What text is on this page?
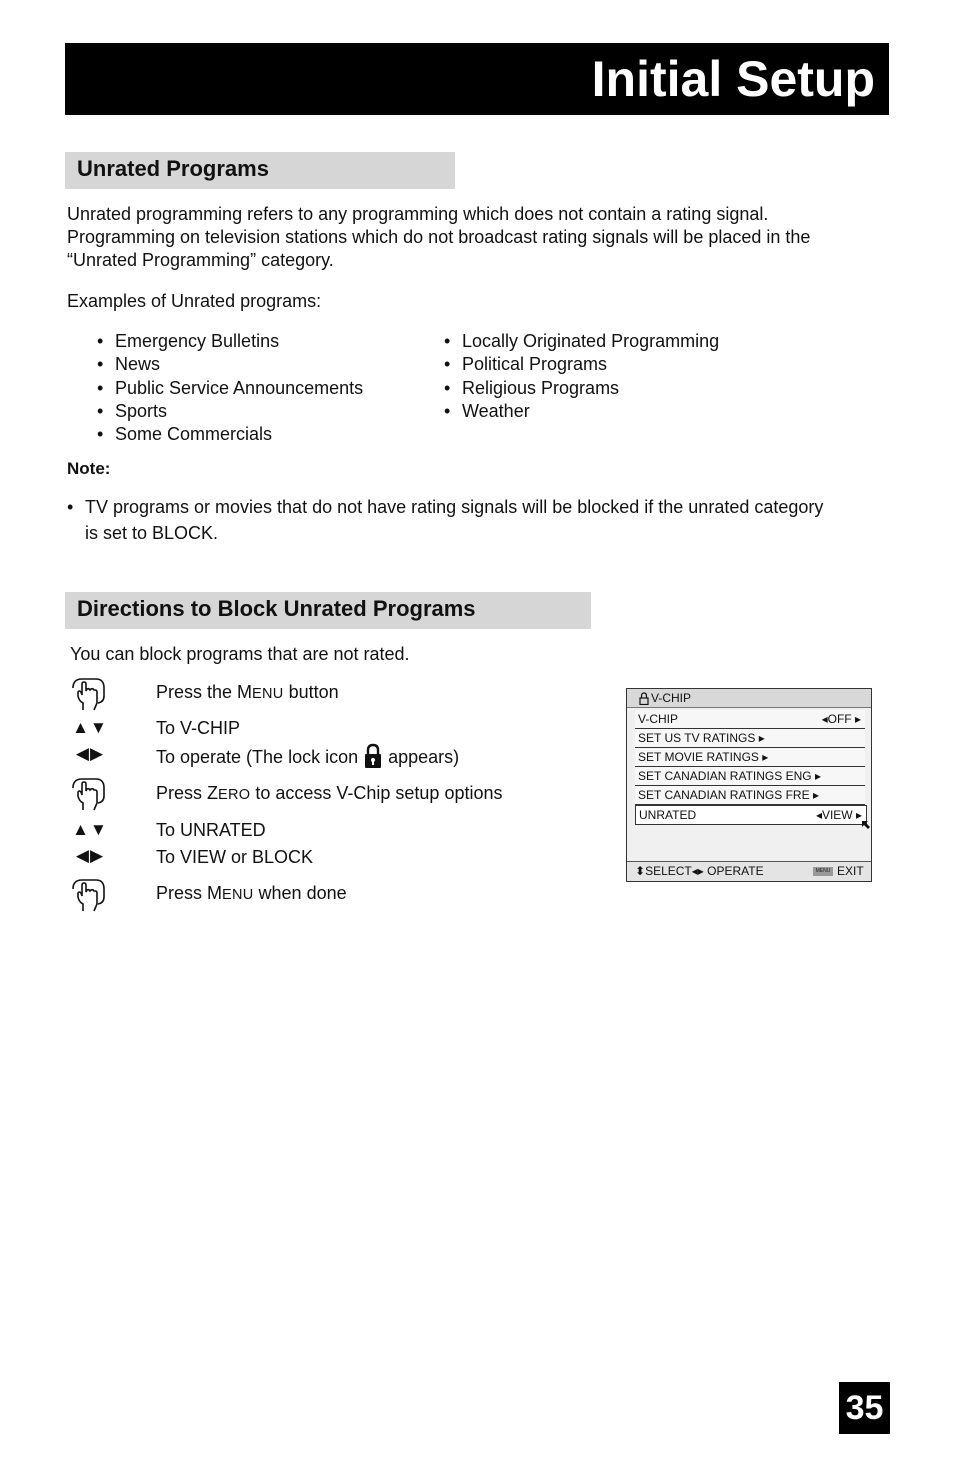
Initial Setup
Unrated Programs
Unrated programming refers to any programming which does not contain a rating signal.
Programming on television stations which do not broadcast rating signals will be placed in the
“Unrated Programming” category.
Examples of Unrated programs:
• Emergency Bulletins
• News
• Public Service Announcements
• Sports
• Some Commercials
• Locally Originated Programming
• Political Programs
• Religious Programs
• Weather
Note:
• TV programs or movies that do not have rating signals will be blocked if the unrated category
is set to BLOCK.
Directions to Block Unrated Programs
You can block programs that are not rated.
Press the MENU button
▲▼	To V-CHIP
◀▶	To operate (The lock icon  appears)
Press ZERO to access V-Chip setup options
▲▼	To UNRATED
◀▶	To VIEW or BLOCK
Press MENU when done
V-CHIP
V-CHIP	◂OFF ▸
SET US TV RATINGS ▸
SET MOVIE RATINGS ▸
SET CANADIAN RATINGS ENG ▸
SET CANADIAN RATINGS FRE ▸
UNRATED	◂VIEW ▸
⬍SELECT◂▸ OPERATE	MENU EXIT
35
